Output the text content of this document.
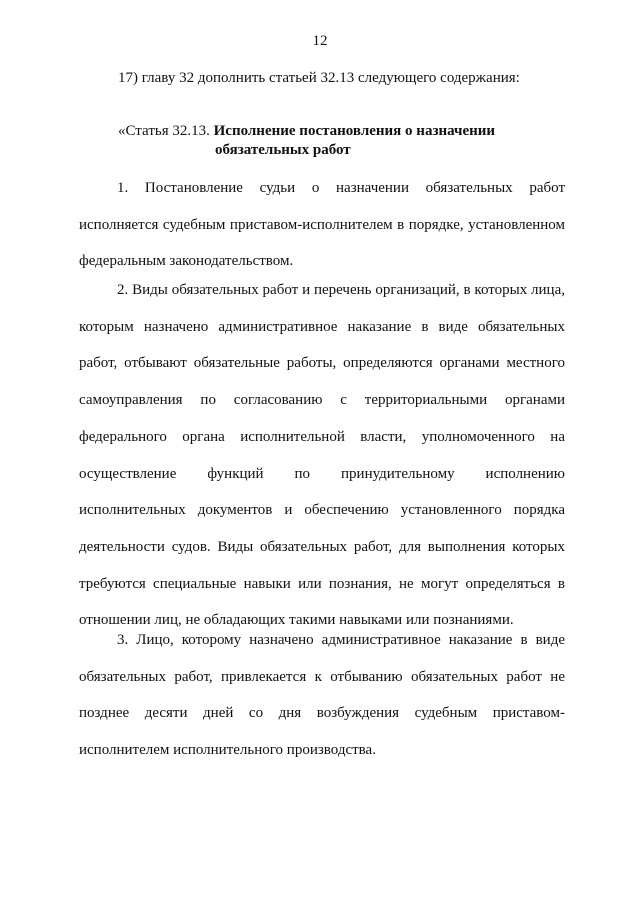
12
17) главу 32 дополнить статьей 32.13 следующего содержания:
«Статья 32.13. Исполнение постановления о назначении
обязательных работ

1. Постановление судьи о назначении обязательных работ исполняется судебным приставом-исполнителем в порядке, установленном федеральным законодательством.

2. Виды обязательных работ и перечень организаций, в которых лица, которым назначено административное наказание в виде обязательных работ, отбывают обязательные работы, определяются органами местного самоуправления по согласованию с территориальными органами федерального органа исполнительной власти, уполномоченного на осуществление функций по принудительному исполнению исполнительных документов и обеспечению установленного порядка деятельности судов. Виды обязательных работ, для выполнения которых требуются специальные навыки или познания, не могут определяться в отношении лиц, не обладающих такими навыками или познаниями.

3. Лицо, которому назначено административное наказание в виде обязательных работ, привлекается к отбыванию обязательных работ не позднее десяти дней со дня возбуждения судебным приставом-исполнителем исполнительного производства.
